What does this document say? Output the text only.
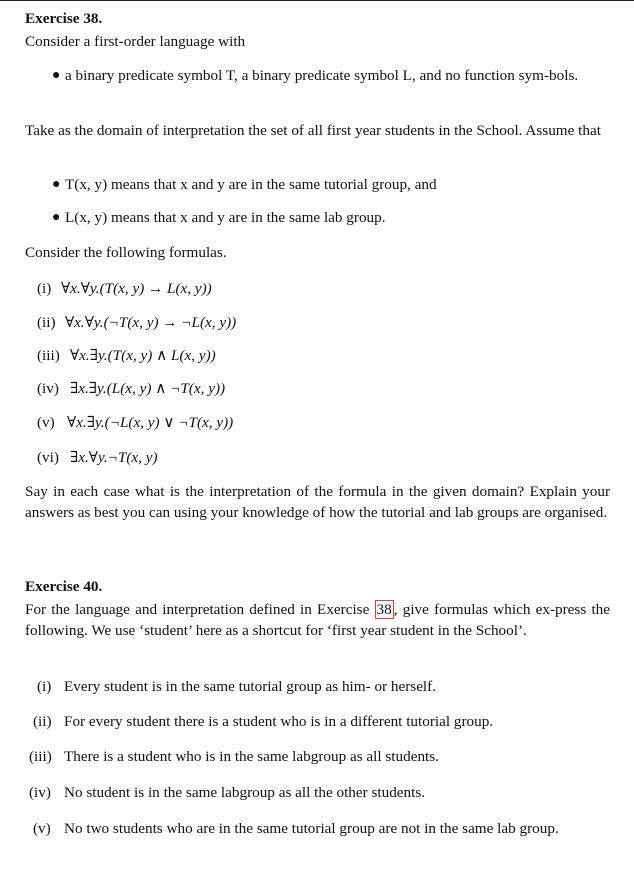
Exercise 38.
Consider a first-order language with
● a binary predicate symbol T, a binary predicate symbol L, and no function sym-bols.
Take as the domain of interpretation the set of all first year students in the School. Assume that
● T(x, y) means that x and y are in the same tutorial group, and
● L(x, y) means that x and y are in the same lab group.
Consider the following formulas.
(i) ∀x.∀y.(T(x, y) → L(x, y))
(ii) ∀x.∀y.(¬T(x, y) → ¬L(x, y))
(iii) ∀x.∃y.(T(x, y) ∧ L(x, y))
(iv) ∃x.∃y.(L(x, y) ∧ ¬T(x, y))
(v) ∀x.∃y.(¬L(x, y) ∨ ¬T(x, y))
(vi) ∃x.∀y.¬T(x, y)
Say in each case what is the interpretation of the formula in the given domain? Explain your answers as best you can using your knowledge of how the tutorial and lab groups are organised.
Exercise 40.
For the language and interpretation defined in Exercise 38 , give formulas which ex-press the following. We use ‘student’ here as a shortcut for ‘first year student in the School’.
(i) Every student is in the same tutorial group as him- or herself.
(ii) For every student there is a student who is in a different tutorial group.
(iii) There is a student who is in the same labgroup as all students.
(iv) No student is in the same labgroup as all the other students.
(v) No two students who are in the same tutorial group are not in the same lab group.
